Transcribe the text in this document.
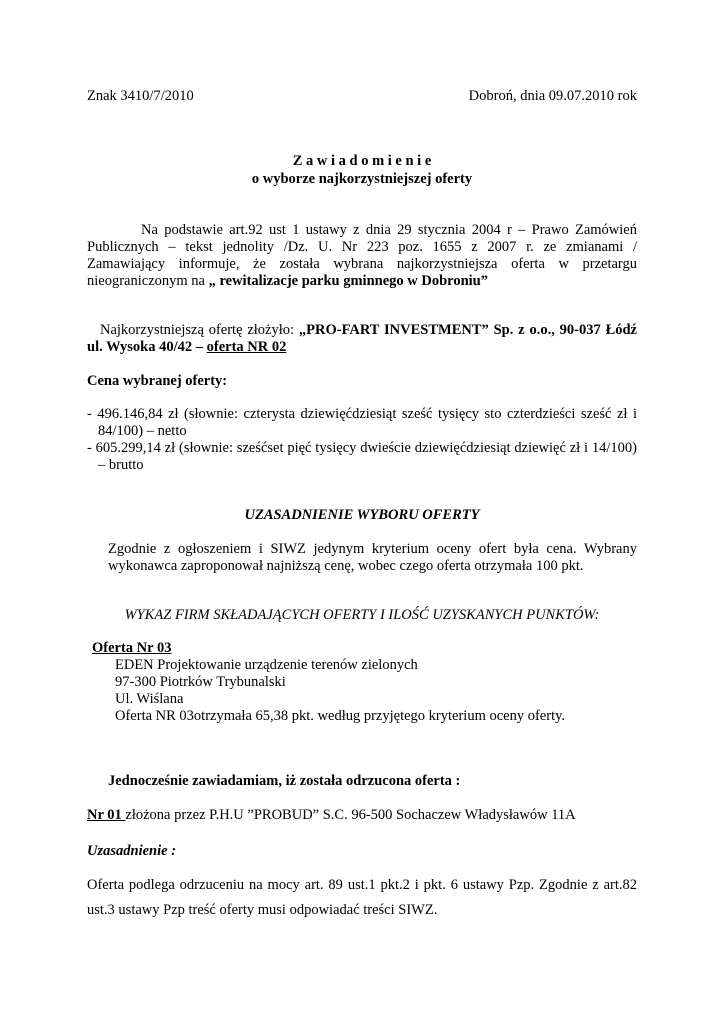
Znak 3410/7/2010	Dobroń, dnia 09.07.2010 rok
Z a w i a d o m i e n i e
o wyborze najkorzystniejszej oferty
Na podstawie art.92 ust 1 ustawy z dnia 29 stycznia 2004 r – Prawo Zamówień
Publicznych – tekst jednolity /Dz. U. Nr 223 poz. 1655 z 2007 r. ze zmianami /
Zamawiający informuje, że została wybrana najkorzystniejsza oferta w przetargu
nieograniczonym na „ rewitalizacje parku gminnego w Dobroniu”
Najkorzystniejszą ofertę złożyło: „PRO-FART INVESTMENT” Sp. z o.o., 90-037 Łódź
ul. Wysoka 40/42 – oferta NR 02
Cena wybranej oferty:
- 496.146,84 zł (słownie: czterysta dziewięćdziesiąt sześć tysięcy sto czterdzieści sześć zł i
84/100) – netto
- 605.299,14 zł (słownie: sześćset pięć tysięcy dwieście dziewięćdziesiąt dziewięć zł i 14/100)
– brutto
UZASADNIENIE WYBORU OFERTY
Zgodnie z ogłoszeniem i SIWZ jedynym kryterium oceny ofert była cena. Wybrany
wykonawca zaproponował najniższą cenę, wobec czego oferta otrzymała 100 pkt.
WYKAZ FIRM SKŁADAJĄCYCH OFERTY I ILOŚĆ UZYSKANYCH PUNKTÓW:
Oferta Nr 03
EDEN Projektowanie urządzenie terenów zielonych
97-300 Piotrków Trybunalski
Ul. Wiślana
Oferta NR 03otrzymała 65,38 pkt. według przyjętego kryterium oceny oferty.
Jednocześnie zawiadamiam, iż została odrzucona oferta :
Nr 01 złożona przez P.H.U ”PROBUD” S.C. 96-500 Sochaczew Władysławów 11A
Uzasadnienie :
Oferta podlega odrzuceniu na mocy art. 89 ust.1 pkt.2 i pkt. 6 ustawy Pzp. Zgodnie z art.82
ust.3 ustawy Pzp treść oferty musi odpowiadać treści SIWZ.
